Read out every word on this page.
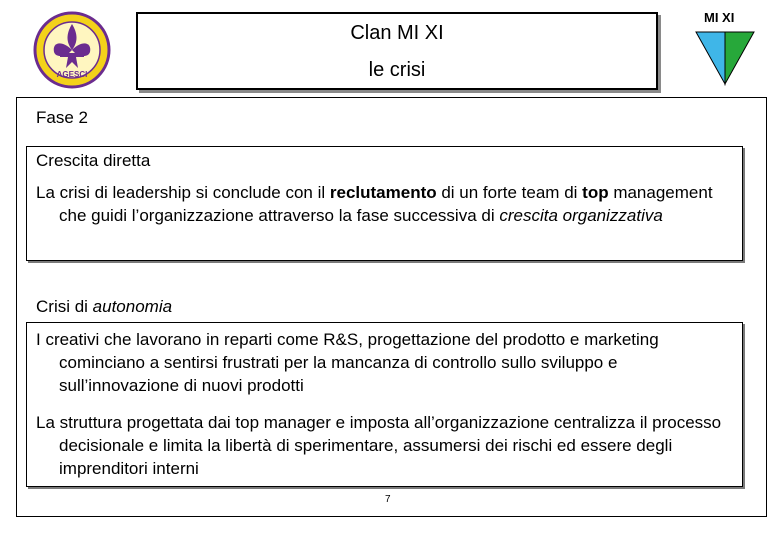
AGESCI
Clan MI XI
le crisi
MI XI
Fase 2
Crescita diretta
La crisi di leadership si conclude con il reclutamento di un forte team di top management che guidi l’organizzazione attraverso la fase successiva di crescita organizzativa
Crisi di autonomia
I creativi che lavorano in reparti come R&S, progettazione del prodotto e marketing cominciano a sentirsi frustrati per la mancanza di controllo sullo sviluppo e sull’innovazione di nuovi prodotti
La struttura progettata dai top manager e imposta all’organizzazione centralizza il processo decisionale e limita la libertà di sperimentare, assumersi dei rischi ed essere degli imprenditori interni
7
